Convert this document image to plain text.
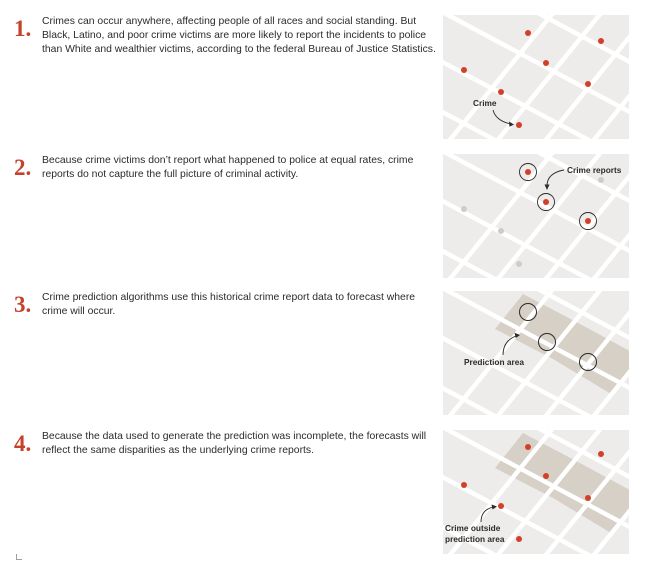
1. Crimes can occur anywhere, affecting people of all races and social standing. But Black, Latino, and poor crime victims are more likely to report the incidents to police than White and wealthier victims, according to the federal Bureau of Justice Statistics.
Crime
2. Because crime victims don’t report what happened to police at equal rates, crime reports do not capture the full picture of criminal activity.	Crime reports
3. Crime prediction algorithms use this historical crime report data to forecast where crime will occur.
Prediction area
4. Because the data used to generate the prediction was incomplete, the forecasts will reflect the same disparities as the underlying crime reports.
Crime outside
prediction area
